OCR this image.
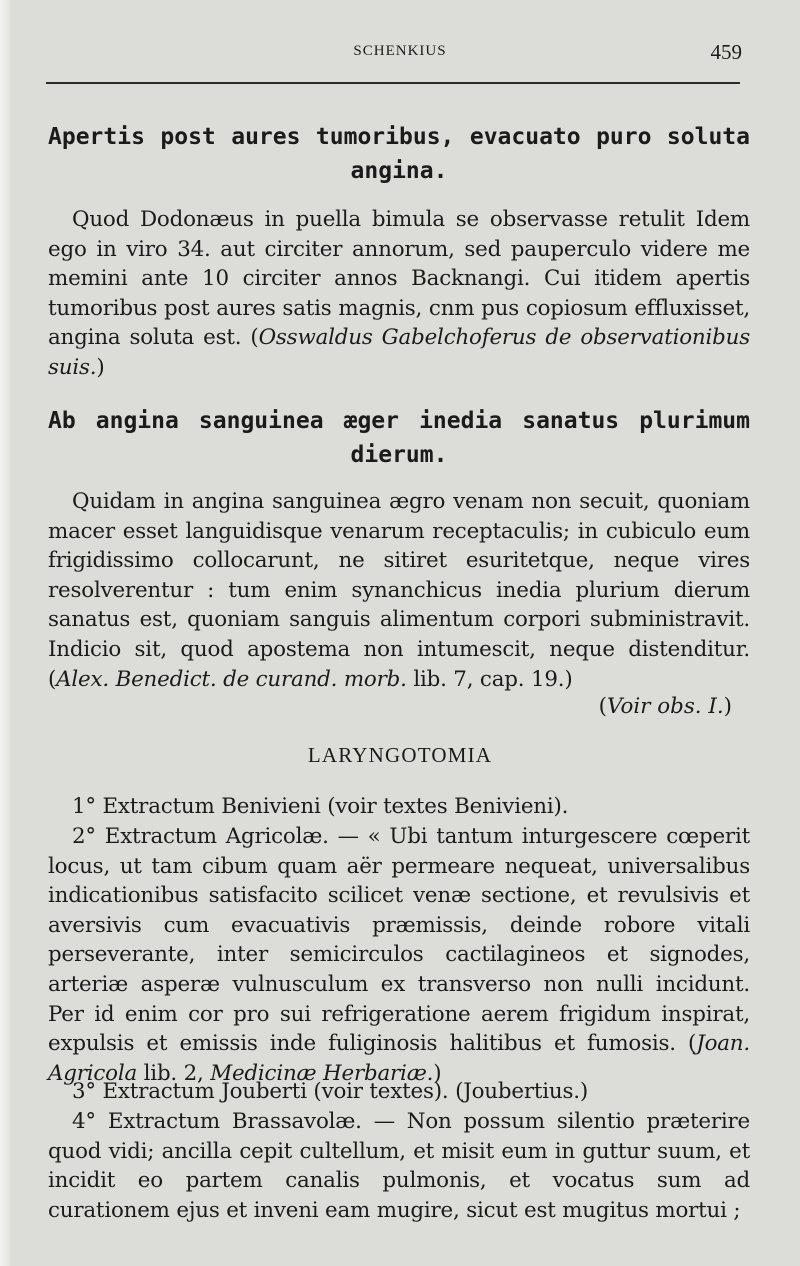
SCHENKIUS	459
Apertis post aures tumoribus, evacuato puro soluta angina.

Quod Dodonæus in puella bimula se observasse retulit Idem ego in viro 34. aut circiter annorum, sed pauperculo videre me memini ante 10 circiter annos Backnangi. Cui itidem apertis tumoribus post aures satis magnis, cnm pus copiosum effluxisset, angina soluta est. (Osswaldus Gabelchoferus de observationibus suis.)

Ab angina sanguinea æger inedia sanatus plurimum dierum.

Quidam in angina sanguinea ægro venam non secuit, quoniam macer esset languidisque venarum receptaculis; in cubiculo eum frigidissimo collocarunt, ne sitiret esuritetque, neque vires resolverentur : tum enim synanchicus inedia plurium dierum sanatus est, quoniam sanguis alimentum corpori subministravit. Indicio sit, quod apostema non intumescit, neque distenditur. (Alex. Benedict. de curand. morb. lib. 7, cap. 19.)

(Voir obs. I.)
LARYNGOTOMIA

1° Extractum Benivieni (voir textes Benivieni).

2° Extractum Agricolæ. — « Ubi tantum inturgescere cœperit locus, ut tam cibum quam aër permeare nequeat, universalibus indicationibus satisfacito scilicet venæ sectione, et revulsivis et aversivis cum evacuativis præmissis, deinde robore vitali perseverante, inter semicirculos cactilagineos et signodes, arteriæ asperæ vulnusculum ex transverso non nulli incidunt. Per id enim cor pro sui refrigeratione aerem frigidum inspirat, expulsis et emissis inde fuliginosis halitibus et fumosis. (Joan. Agricola lib. 2, Medicinæ Herbariæ.)

3° Extractum Jouberti (voir textes). (Joubertius.)

4° Extractum Brassavolæ. — Non possum silentio præterire quod vidi; ancilla cepit cultellum, et misit eum in guttur suum, et incidit eo partem canalis pulmonis, et vocatus sum ad curationem ejus et inveni eam mugire, sicut est mugitus mortui ;
